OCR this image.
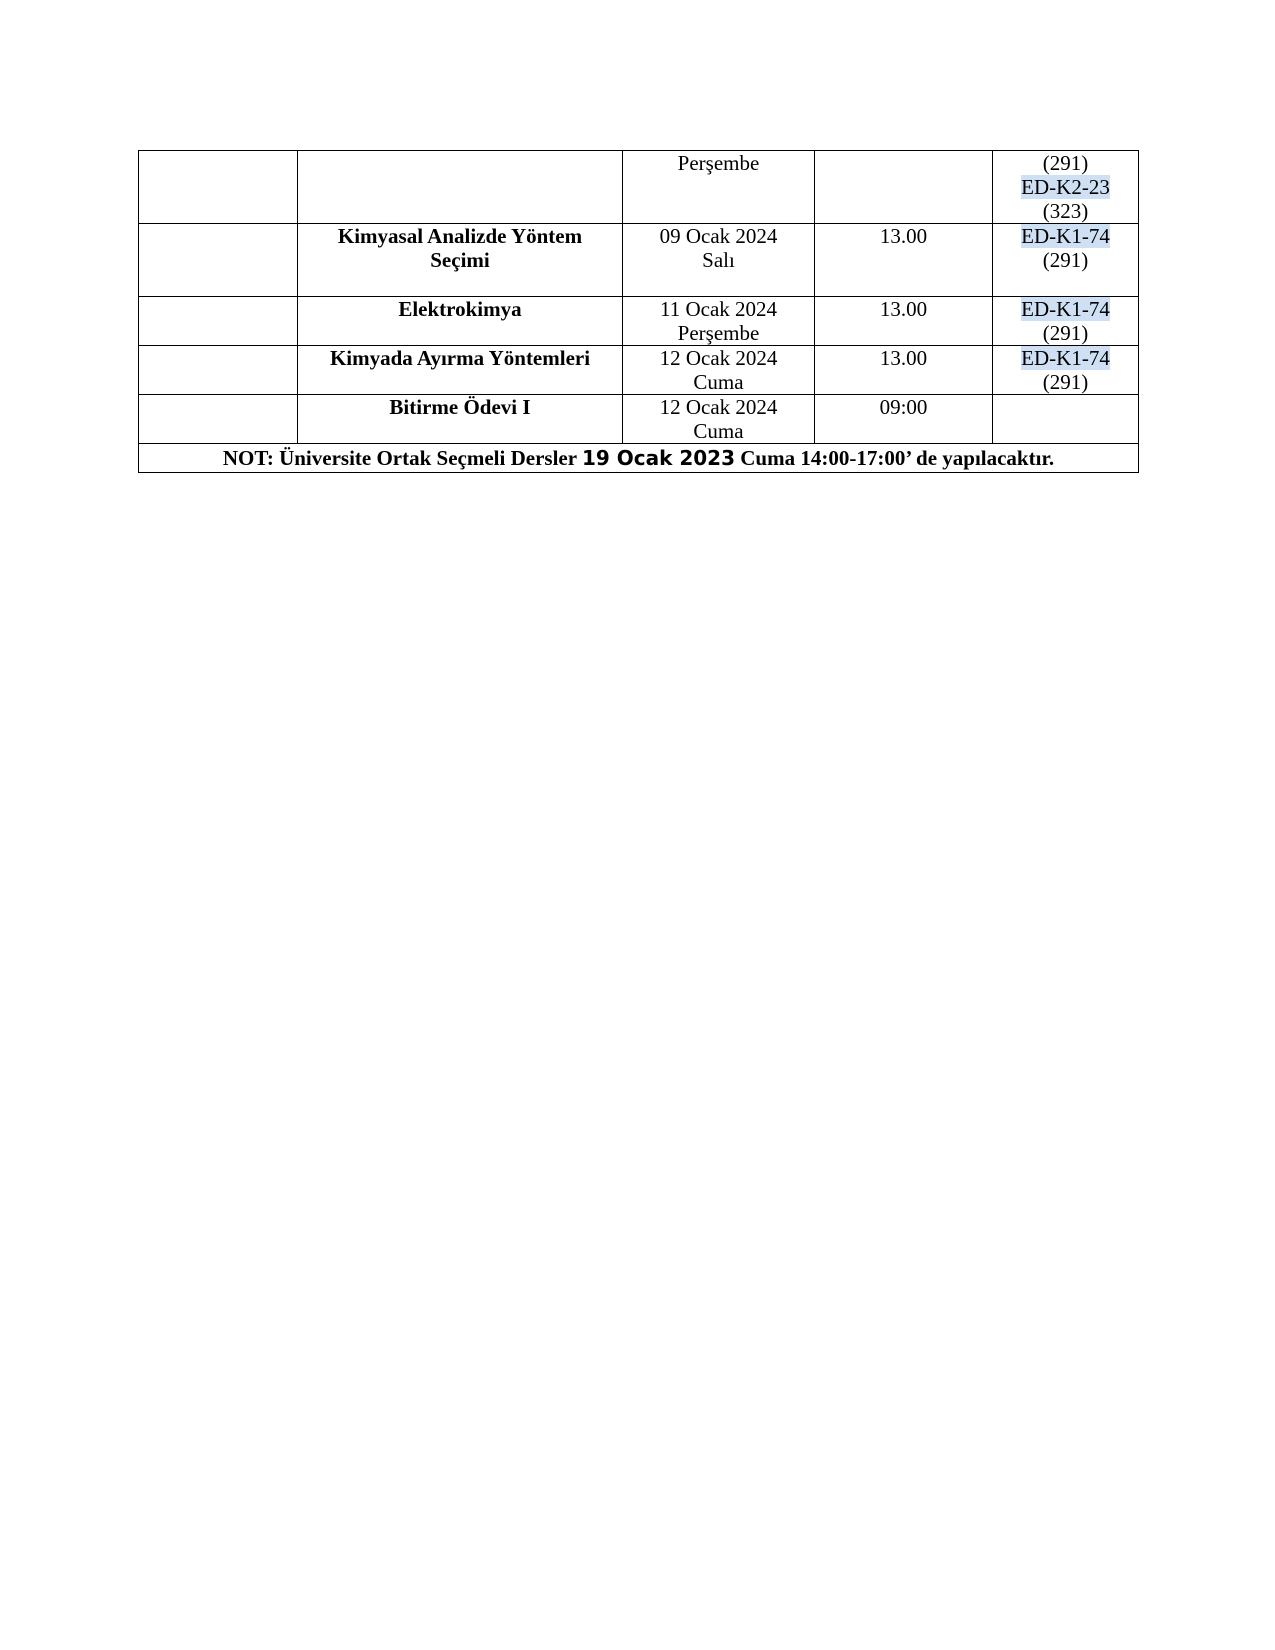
		Perşembe		(291)
ED-K2-23
(323)

	Kimyasal Analizde Yöntem
Seçimi	09 Ocak 2024
Salı	13.00	ED-K1-74
(291)

	Elektrokimya	11 Ocak 2024
Perşembe	13.00	ED-K1-74
(291)

	Kimyada Ayırma Yöntemleri	12 Ocak 2024
Cuma	13.00	ED-K1-74
(291)

	Bitirme Ödevi I	12 Ocak 2024
Cuma	09:00	
NOT: Üniversite Ortak Seçmeli Dersler 19 Ocak 2023 Cuma 14:00-17:00’ de yapılacaktır.				
